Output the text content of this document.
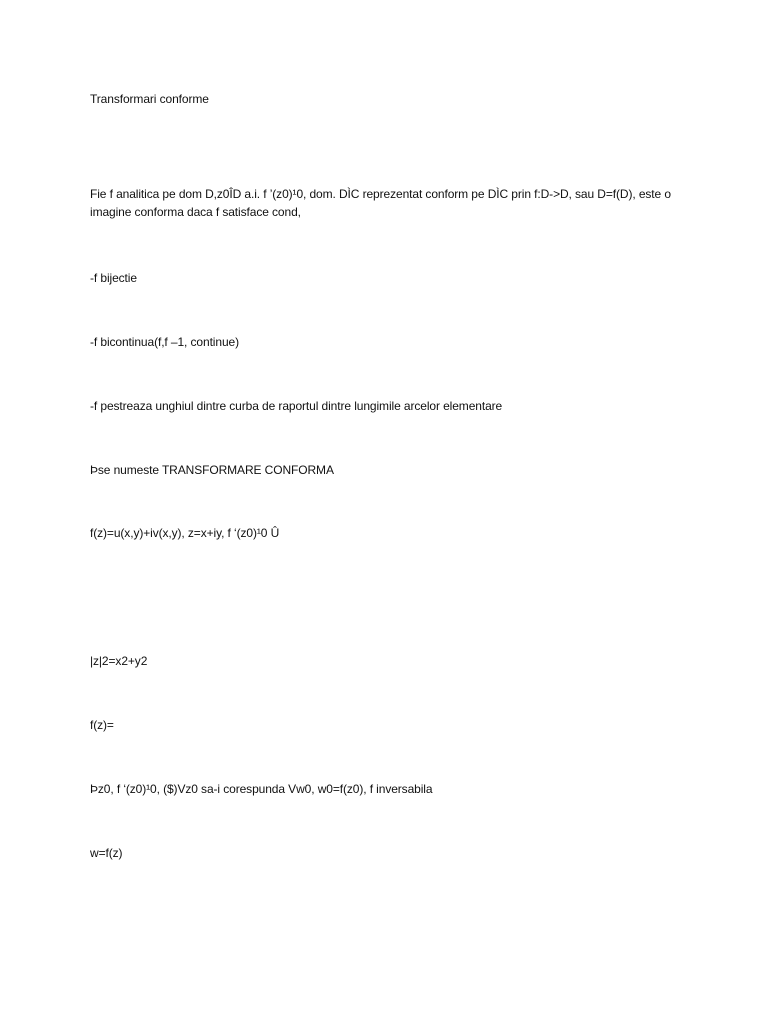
Transformari conforme
Fie f analitica pe dom D,z0ÎD a.i. f ’(z0)¹0, dom. DÌC reprezentat conform pe DÌC prin f:D->D, sau D=f(D), este o imagine conforma daca f satisface cond,
-f bijectie
-f bicontinua(f,f –1, continue)
-f pestreaza unghiul dintre curba de raportul dintre lungimile arcelor elementare
Þse numeste TRANSFORMARE CONFORMA
f(z)=u(x,y)+iv(x,y), z=x+iy, f ‘(z0)¹0 Û
|z|2=x2+y2
f(z)=
Þz0, f ‘(z0)¹0, ($)Vz0 sa-i corespunda Vw0, w0=f(z0), f inversabila
w=f(z)
